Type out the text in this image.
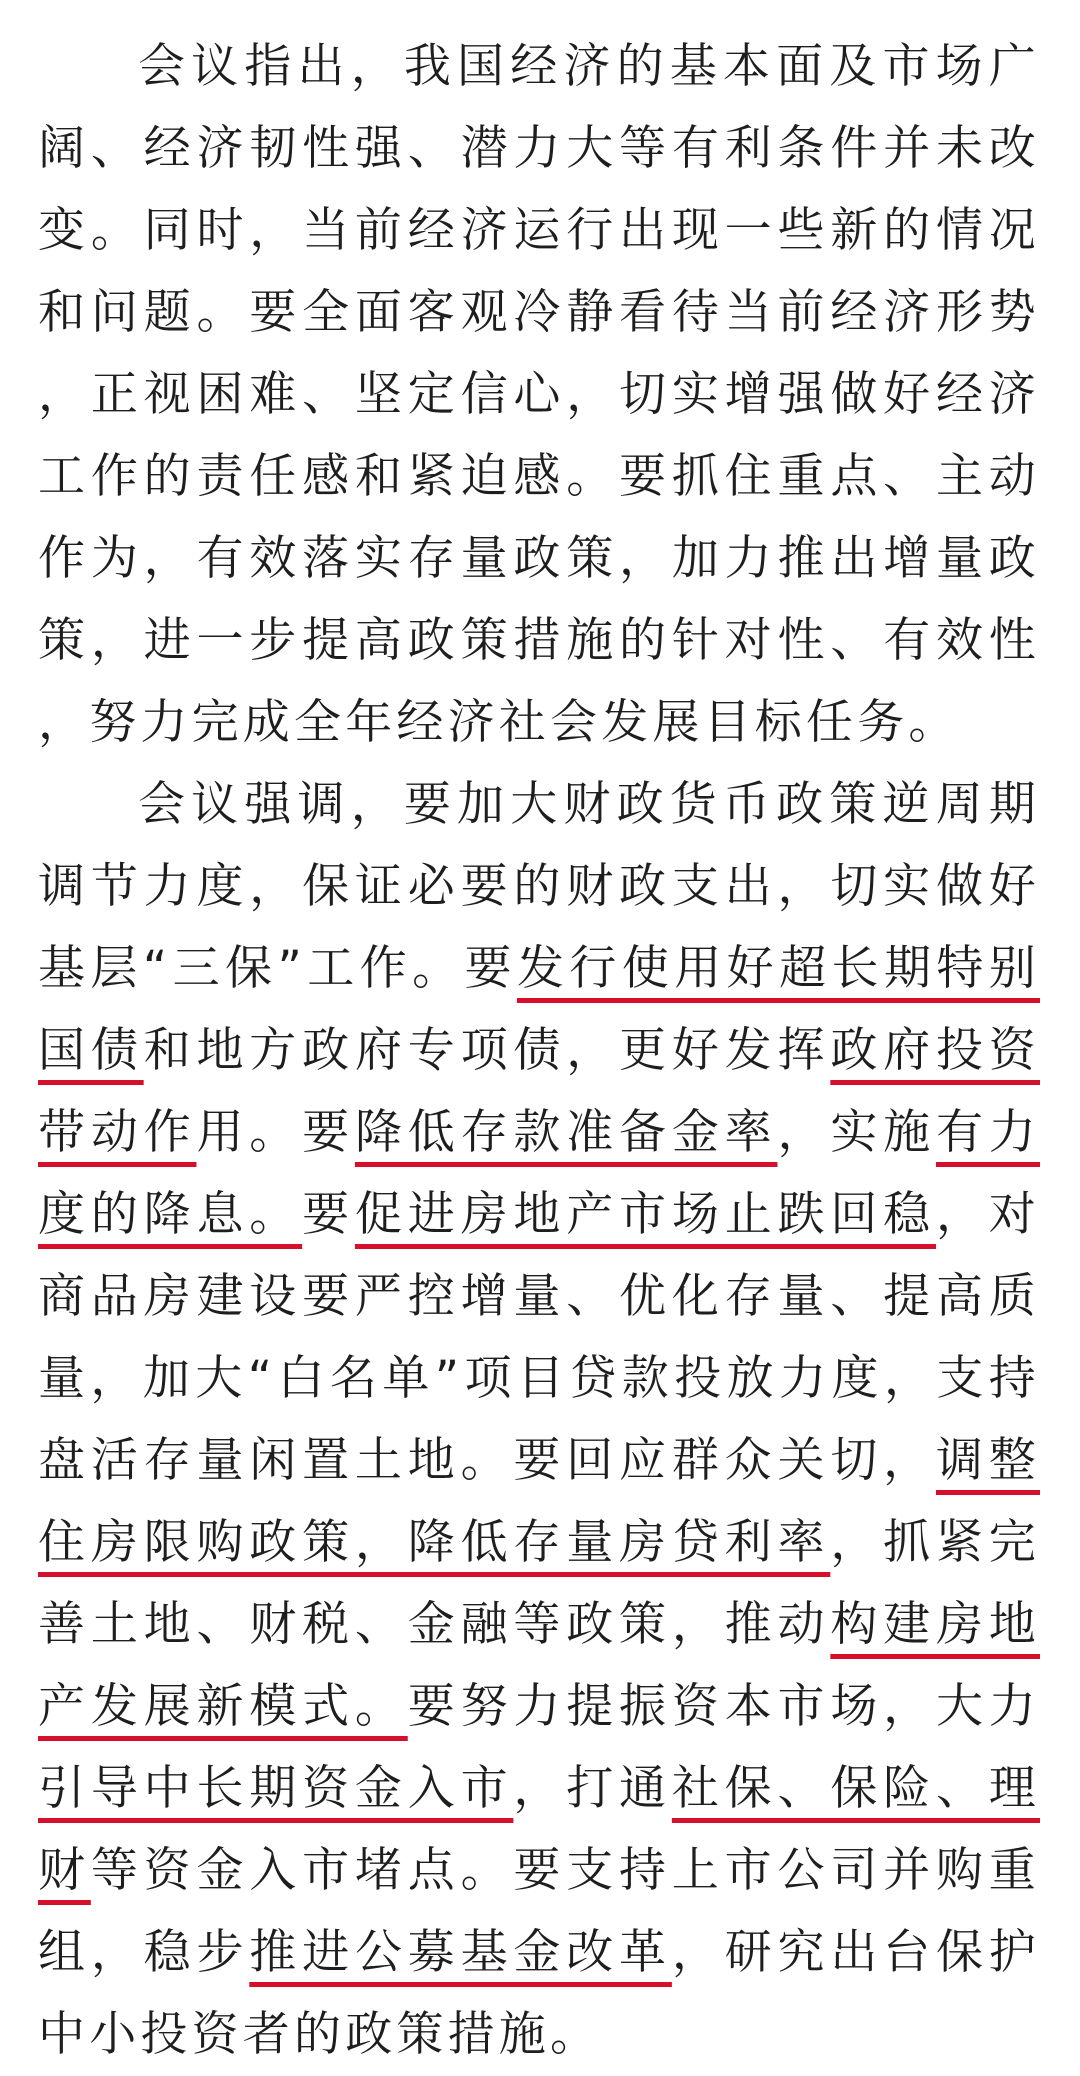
会议指出，我国经济的基本面及市场广阔、经济韧性强、潜力大等有利条件并未改变。同时，当前经济运行出现一些新的情况和问题。要全面客观冷静看待当前经济形势，正视困难、坚定信心，切实增强做好经济工作的责任感和紧迫感。要抓住重点、主动作为，有效落实存量政策，加力推出增量政策，进一步提高政策措施的针对性、有效性，努力完成全年经济社会发展目标任务。

会议强调，要加大财政货币政策逆周期调节力度，保证必要的财政支出，切实做好基层“三保”工作。要发行使用好超长期特别国债和地方政府专项债，更好发挥政府投资带动作用。要降低存款准备金率，实施有力度的降息。要促进房地产市场止跌回稳，对商品房建设要严控增量、优化存量、提高质量，加大“白名单”项目贷款投放力度，支持盘活存量闲置土地。要回应群众关切，调整住房限购政策，降低存量房贷利率，抓紧完善土地、财税、金融等政策，推动构建房地产发展新模式。要努力提振资本市场，大力引导中长期资金入市，打通社保、保险、理财等资金入市堵点。要支持上市公司并购重组，稳步推进公募基金改革，研究出台保护中小投资者的政策措施。
